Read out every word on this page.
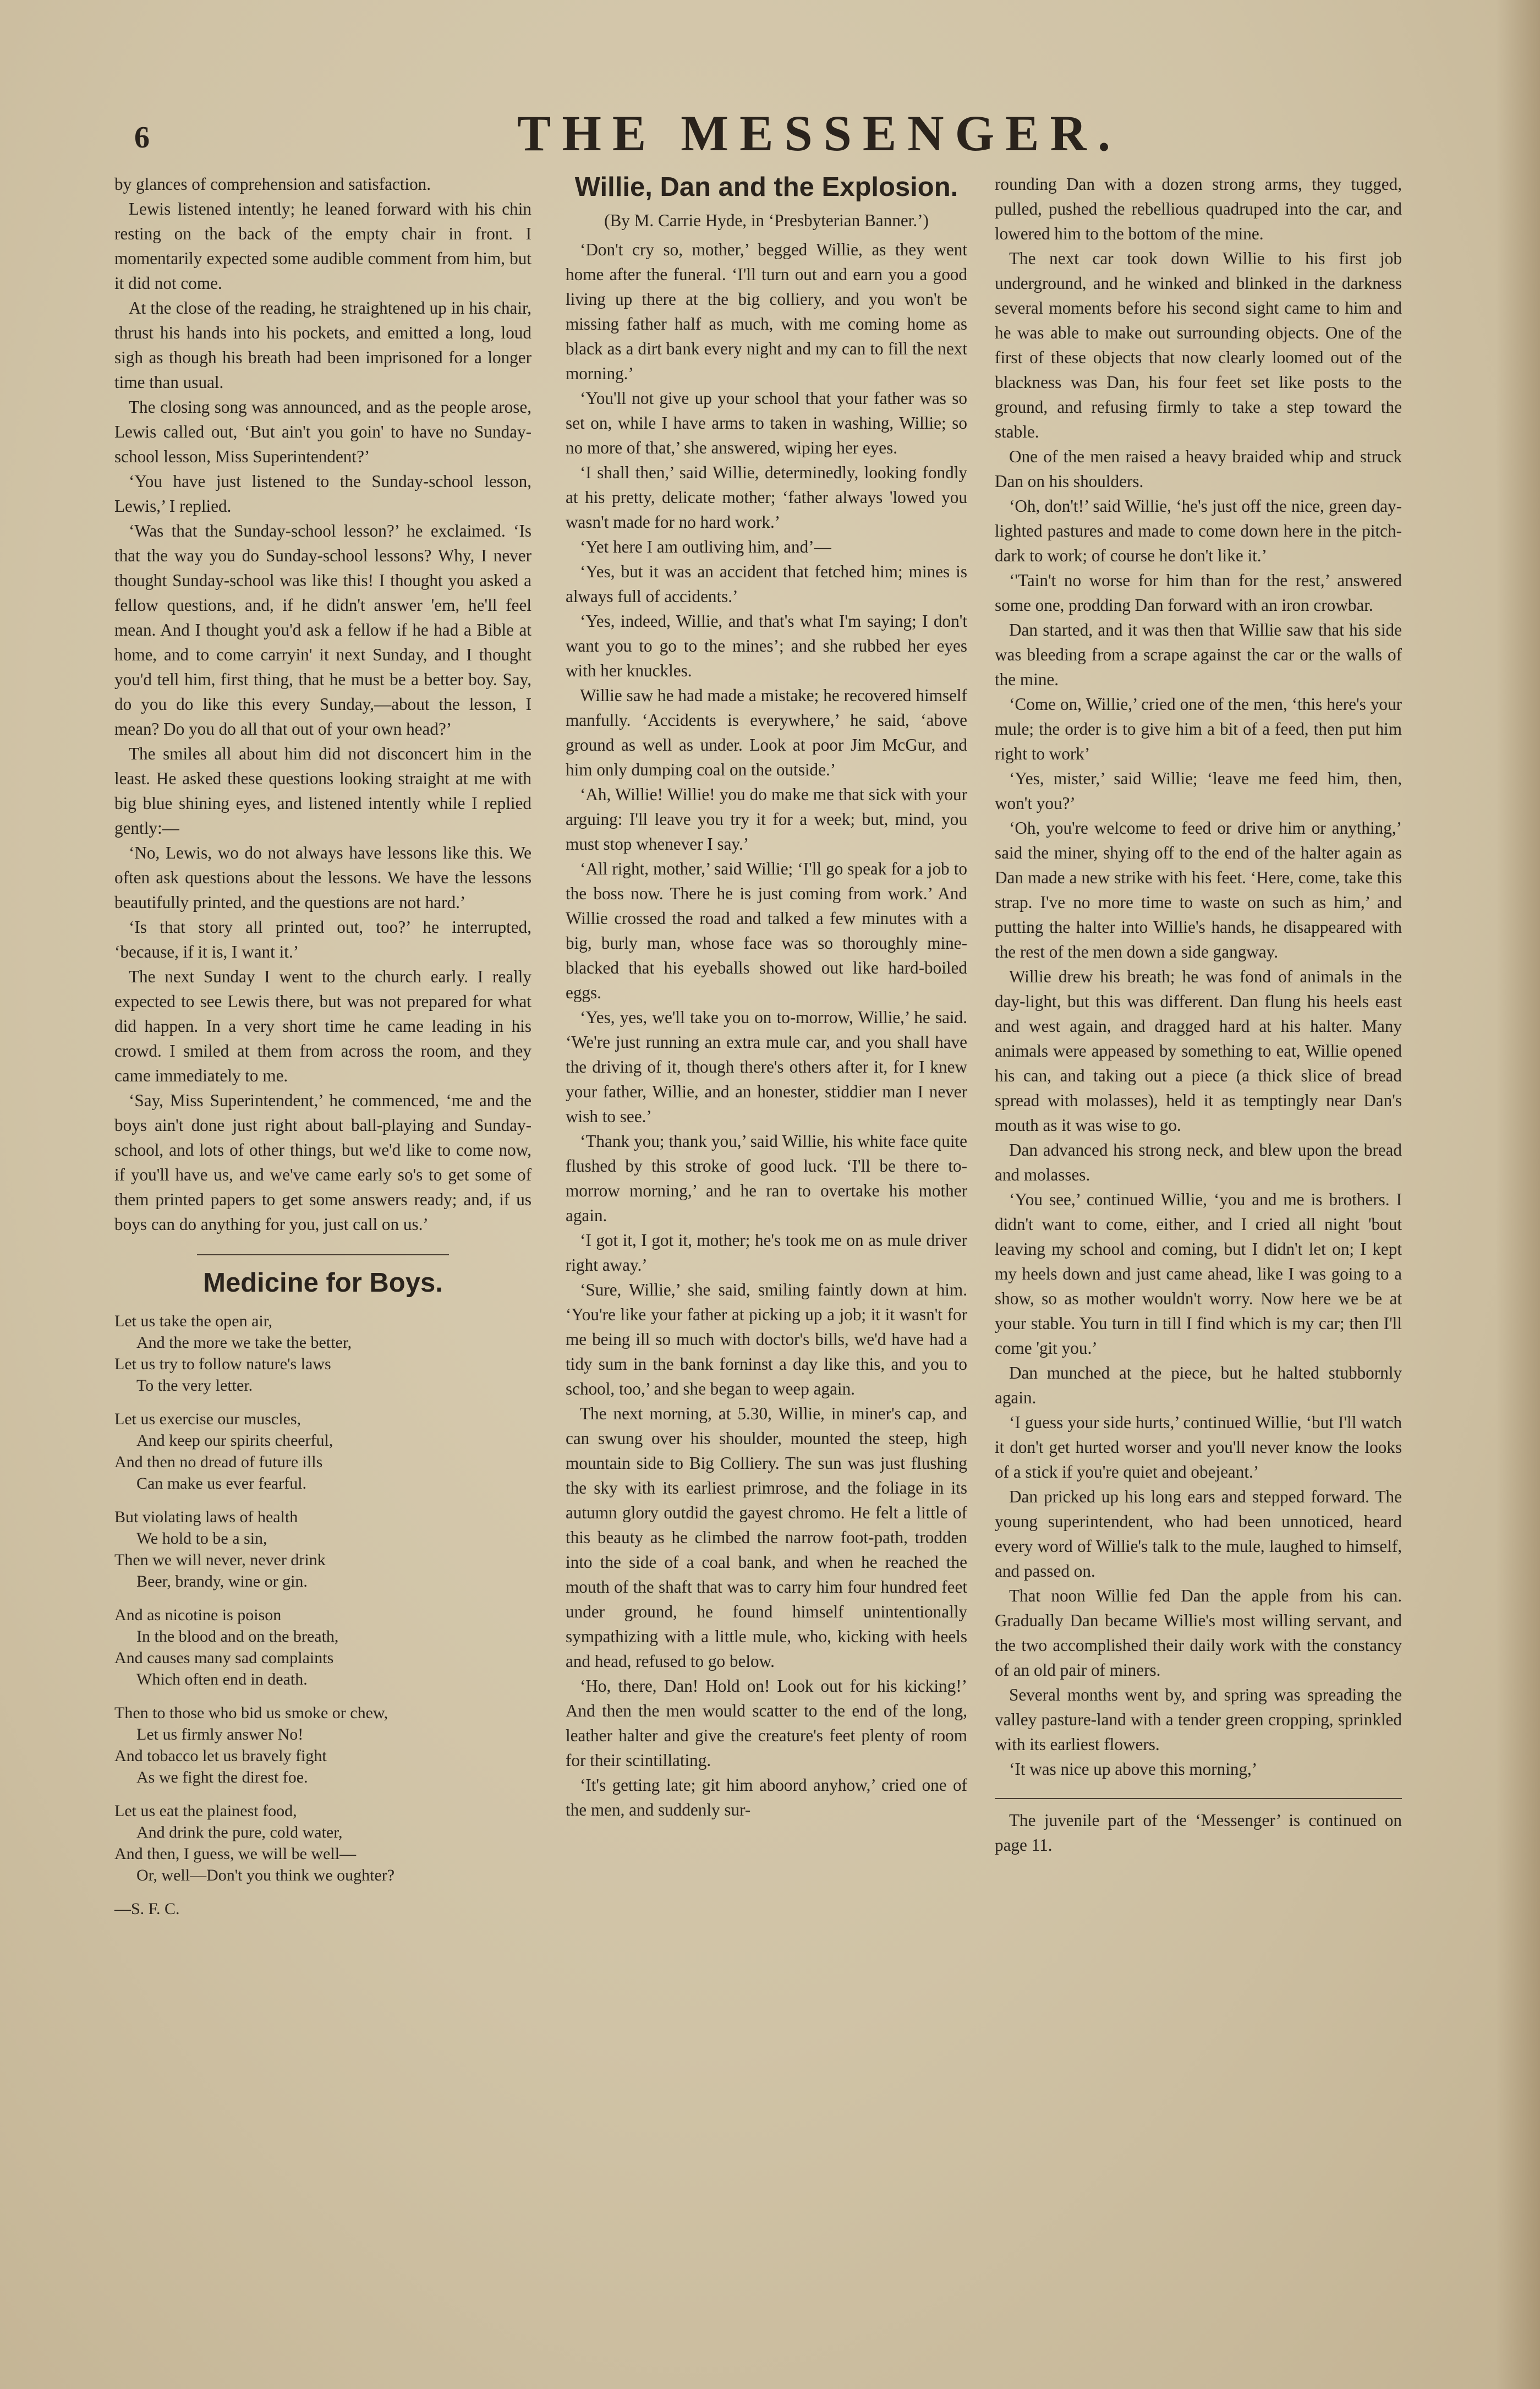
6	THE MESSENGER.

by glances of comprehension and satisfaction.

Lewis listened intently; he leaned forward with his chin resting on the back of the empty chair in front. I momentarily expected some audible comment from him, but it did not come.

At the close of the reading, he straightened up in his chair, thrust his hands into his pockets, and emitted a long, loud sigh as though his breath had been imprisoned for a longer time than usual.

The closing song was announced, and as the people arose, Lewis called out, ‘But ain't you goin' to have no Sunday-school lesson, Miss Superintendent?’

‘You have just listened to the Sunday-school lesson, Lewis,’ I replied.

‘Was that the Sunday-school lesson?’ he exclaimed. ‘Is that the way you do Sunday-school lessons? Why, I never thought Sunday-school was like this! I thought you asked a fellow questions, and, if he didn't answer 'em, he'll feel mean. And I thought you'd ask a fellow if he had a Bible at home, and to come carryin' it next Sunday, and I thought you'd tell him, first thing, that he must be a better boy. Say, do you do like this every Sunday,—about the lesson, I mean? Do you do all that out of your own head?’

The smiles all about him did not disconcert him in the least. He asked these questions looking straight at me with big blue shining eyes, and listened intently while I replied gently:—

‘No, Lewis, wo do not always have lessons like this. We often ask questions about the lessons. We have the lessons beautifully printed, and the questions are not hard.’

‘Is that story all printed out, too?’ he interrupted, ‘because, if it is, I want it.’

The next Sunday I went to the church early. I really expected to see Lewis there, but was not prepared for what did happen. In a very short time he came leading in his crowd. I smiled at them from across the room, and they came immediately to me.

‘Say, Miss Superintendent,’ he commenced, ‘me and the boys ain't done just right about ball-playing and Sunday-school, and lots of other things, but we'd like to come now, if you'll have us, and we've came early so's to get some of them printed papers to get some answers ready; and, if us boys can do anything for you, just call on us.’

Medicine for Boys.
Let us take the open air,
And the more we take the better,
Let us try to follow nature's laws
To the very letter.
Let us exercise our muscles,
And keep our spirits cheerful,
And then no dread of future ills
Can make us ever fearful.
But violating laws of health
We hold to be a sin,
Then we will never, never drink
Beer, brandy, wine or gin.
And as nicotine is poison
In the blood and on the breath,
And causes many sad complaints
Which often end in death.
Then to those who bid us smoke or chew,
Let us firmly answer No!
And tobacco let us bravely fight
As we fight the direst foe.
Let us eat the plainest food,
And drink the pure, cold water,
And then, I guess, we will be well—
Or, well—Don't you think we oughter?
—S. F. C.
Willie, Dan and the Explosion.
(By M. Carrie Hyde, in ‘Presbyterian Banner.’)

‘Don't cry so, mother,’ begged Willie, as they went home after the funeral. ‘I'll turn out and earn you a good living up there at the big colliery, and you won't be missing father half as much, with me coming home as black as a dirt bank every night and my can to fill the next morning.’

‘You'll not give up your school that your father was so set on, while I have arms to taken in washing, Willie; so no more of that,’ she answered, wiping her eyes.

‘I shall then,’ said Willie, determinedly, looking fondly at his pretty, delicate mother; ‘father always 'lowed you wasn't made for no hard work.’

‘Yet here I am outliving him, and’—

‘Yes, but it was an accident that fetched him; mines is always full of accidents.’

‘Yes, indeed, Willie, and that's what I'm saying; I don't want you to go to the mines’; and she rubbed her eyes with her knuckles.

Willie saw he had made a mistake; he recovered himself manfully. ‘Accidents is everywhere,’ he said, ‘above ground as well as under. Look at poor Jim McGur, and him only dumping coal on the outside.’

‘Ah, Willie! Willie! you do make me that sick with your arguing: I'll leave you try it for a week; but, mind, you must stop whenever I say.’

‘All right, mother,’ said Willie; ‘I'll go speak for a job to the boss now. There he is just coming from work.’ And Willie crossed the road and talked a few minutes with a big, burly man, whose face was so thoroughly mine-blacked that his eyeballs showed out like hard-boiled eggs.

‘Yes, yes, we'll take you on to-morrow, Willie,’ he said. ‘We're just running an extra mule car, and you shall have the driving of it, though there's others after it, for I knew your father, Willie, and an honester, stiddier man I never wish to see.’

‘Thank you; thank you,’ said Willie, his white face quite flushed by this stroke of good luck. ‘I'll be there to-morrow morning,’ and he ran to overtake his mother again.

‘I got it, I got it, mother; he's took me on as mule driver right away.’

‘Sure, Willie,’ she said, smiling faintly down at him. ‘You're like your father at picking up a job; it it wasn't for me being ill so much with doctor's bills, we'd have had a tidy sum in the bank forninst a day like this, and you to school, too,’ and she began to weep again.

The next morning, at 5.30, Willie, in miner's cap, and can swung over his shoulder, mounted the steep, high mountain side to Big Colliery. The sun was just flushing the sky with its earliest primrose, and the foliage in its autumn glory outdid the gayest chromo. He felt a little of this beauty as he climbed the narrow foot-path, trodden into the side of a coal bank, and when he reached the mouth of the shaft that was to carry him four hundred feet under ground, he found himself unintentionally sympathizing with a little mule, who, kicking with heels and head, refused to go below.

‘Ho, there, Dan! Hold on! Look out for his kicking!’ And then the men would scatter to the end of the long, leather halter and give the creature's feet plenty of room for their scintillating.

‘It's getting late; git him aboord anyhow,’ cried one of the men, and suddenly sur-

rounding Dan with a dozen strong arms, they tugged, pulled, pushed the rebellious quadruped into the car, and lowered him to the bottom of the mine.

The next car took down Willie to his first job underground, and he winked and blinked in the darkness several moments before his second sight came to him and he was able to make out surrounding objects. One of the first of these objects that now clearly loomed out of the blackness was Dan, his four feet set like posts to the ground, and refusing firmly to take a step toward the stable.

One of the men raised a heavy braided whip and struck Dan on his shoulders.

‘Oh, don't!’ said Willie, ‘he's just off the nice, green day-lighted pastures and made to come down here in the pitch-dark to work; of course he don't like it.’

‘'Tain't no worse for him than for the rest,’ answered some one, prodding Dan forward with an iron crowbar.

Dan started, and it was then that Willie saw that his side was bleeding from a scrape against the car or the walls of the mine.

‘Come on, Willie,’ cried one of the men, ‘this here's your mule; the order is to give him a bit of a feed, then put him right to work’

‘Yes, mister,’ said Willie; ‘leave me feed him, then, won't you?’

‘Oh, you're welcome to feed or drive him or anything,’ said the miner, shying off to the end of the halter again as Dan made a new strike with his feet. ‘Here, come, take this strap. I've no more time to waste on such as him,’ and putting the halter into Willie's hands, he disappeared with the rest of the men down a side gangway.

Willie drew his breath; he was fond of animals in the day-light, but this was different. Dan flung his heels east and west again, and dragged hard at his halter. Many animals were appeased by something to eat, Willie opened his can, and taking out a piece (a thick slice of bread spread with molasses), held it as temptingly near Dan's mouth as it was wise to go.

Dan advanced his strong neck, and blew upon the bread and molasses.

‘You see,’ continued Willie, ‘you and me is brothers. I didn't want to come, either, and I cried all night 'bout leaving my school and coming, but I didn't let on; I kept my heels down and just came ahead, like I was going to a show, so as mother wouldn't worry. Now here we be at your stable. You turn in till I find which is my car; then I'll come 'git you.’

Dan munched at the piece, but he halted stubbornly again.

‘I guess your side hurts,’ continued Willie, ‘but I'll watch it don't get hurted worser and you'll never know the looks of a stick if you're quiet and obejeant.’

Dan pricked up his long ears and stepped forward. The young superintendent, who had been unnoticed, heard every word of Willie's talk to the mule, laughed to himself, and passed on.

That noon Willie fed Dan the apple from his can. Gradually Dan became Willie's most willing servant, and the two accomplished their daily work with the constancy of an old pair of miners.

Several months went by, and spring was spreading the valley pasture-land with a tender green cropping, sprinkled with its earliest flowers.

‘It was nice up above this morning,’

The juvenile part of the ‘Messenger’ is continued on page 11.
